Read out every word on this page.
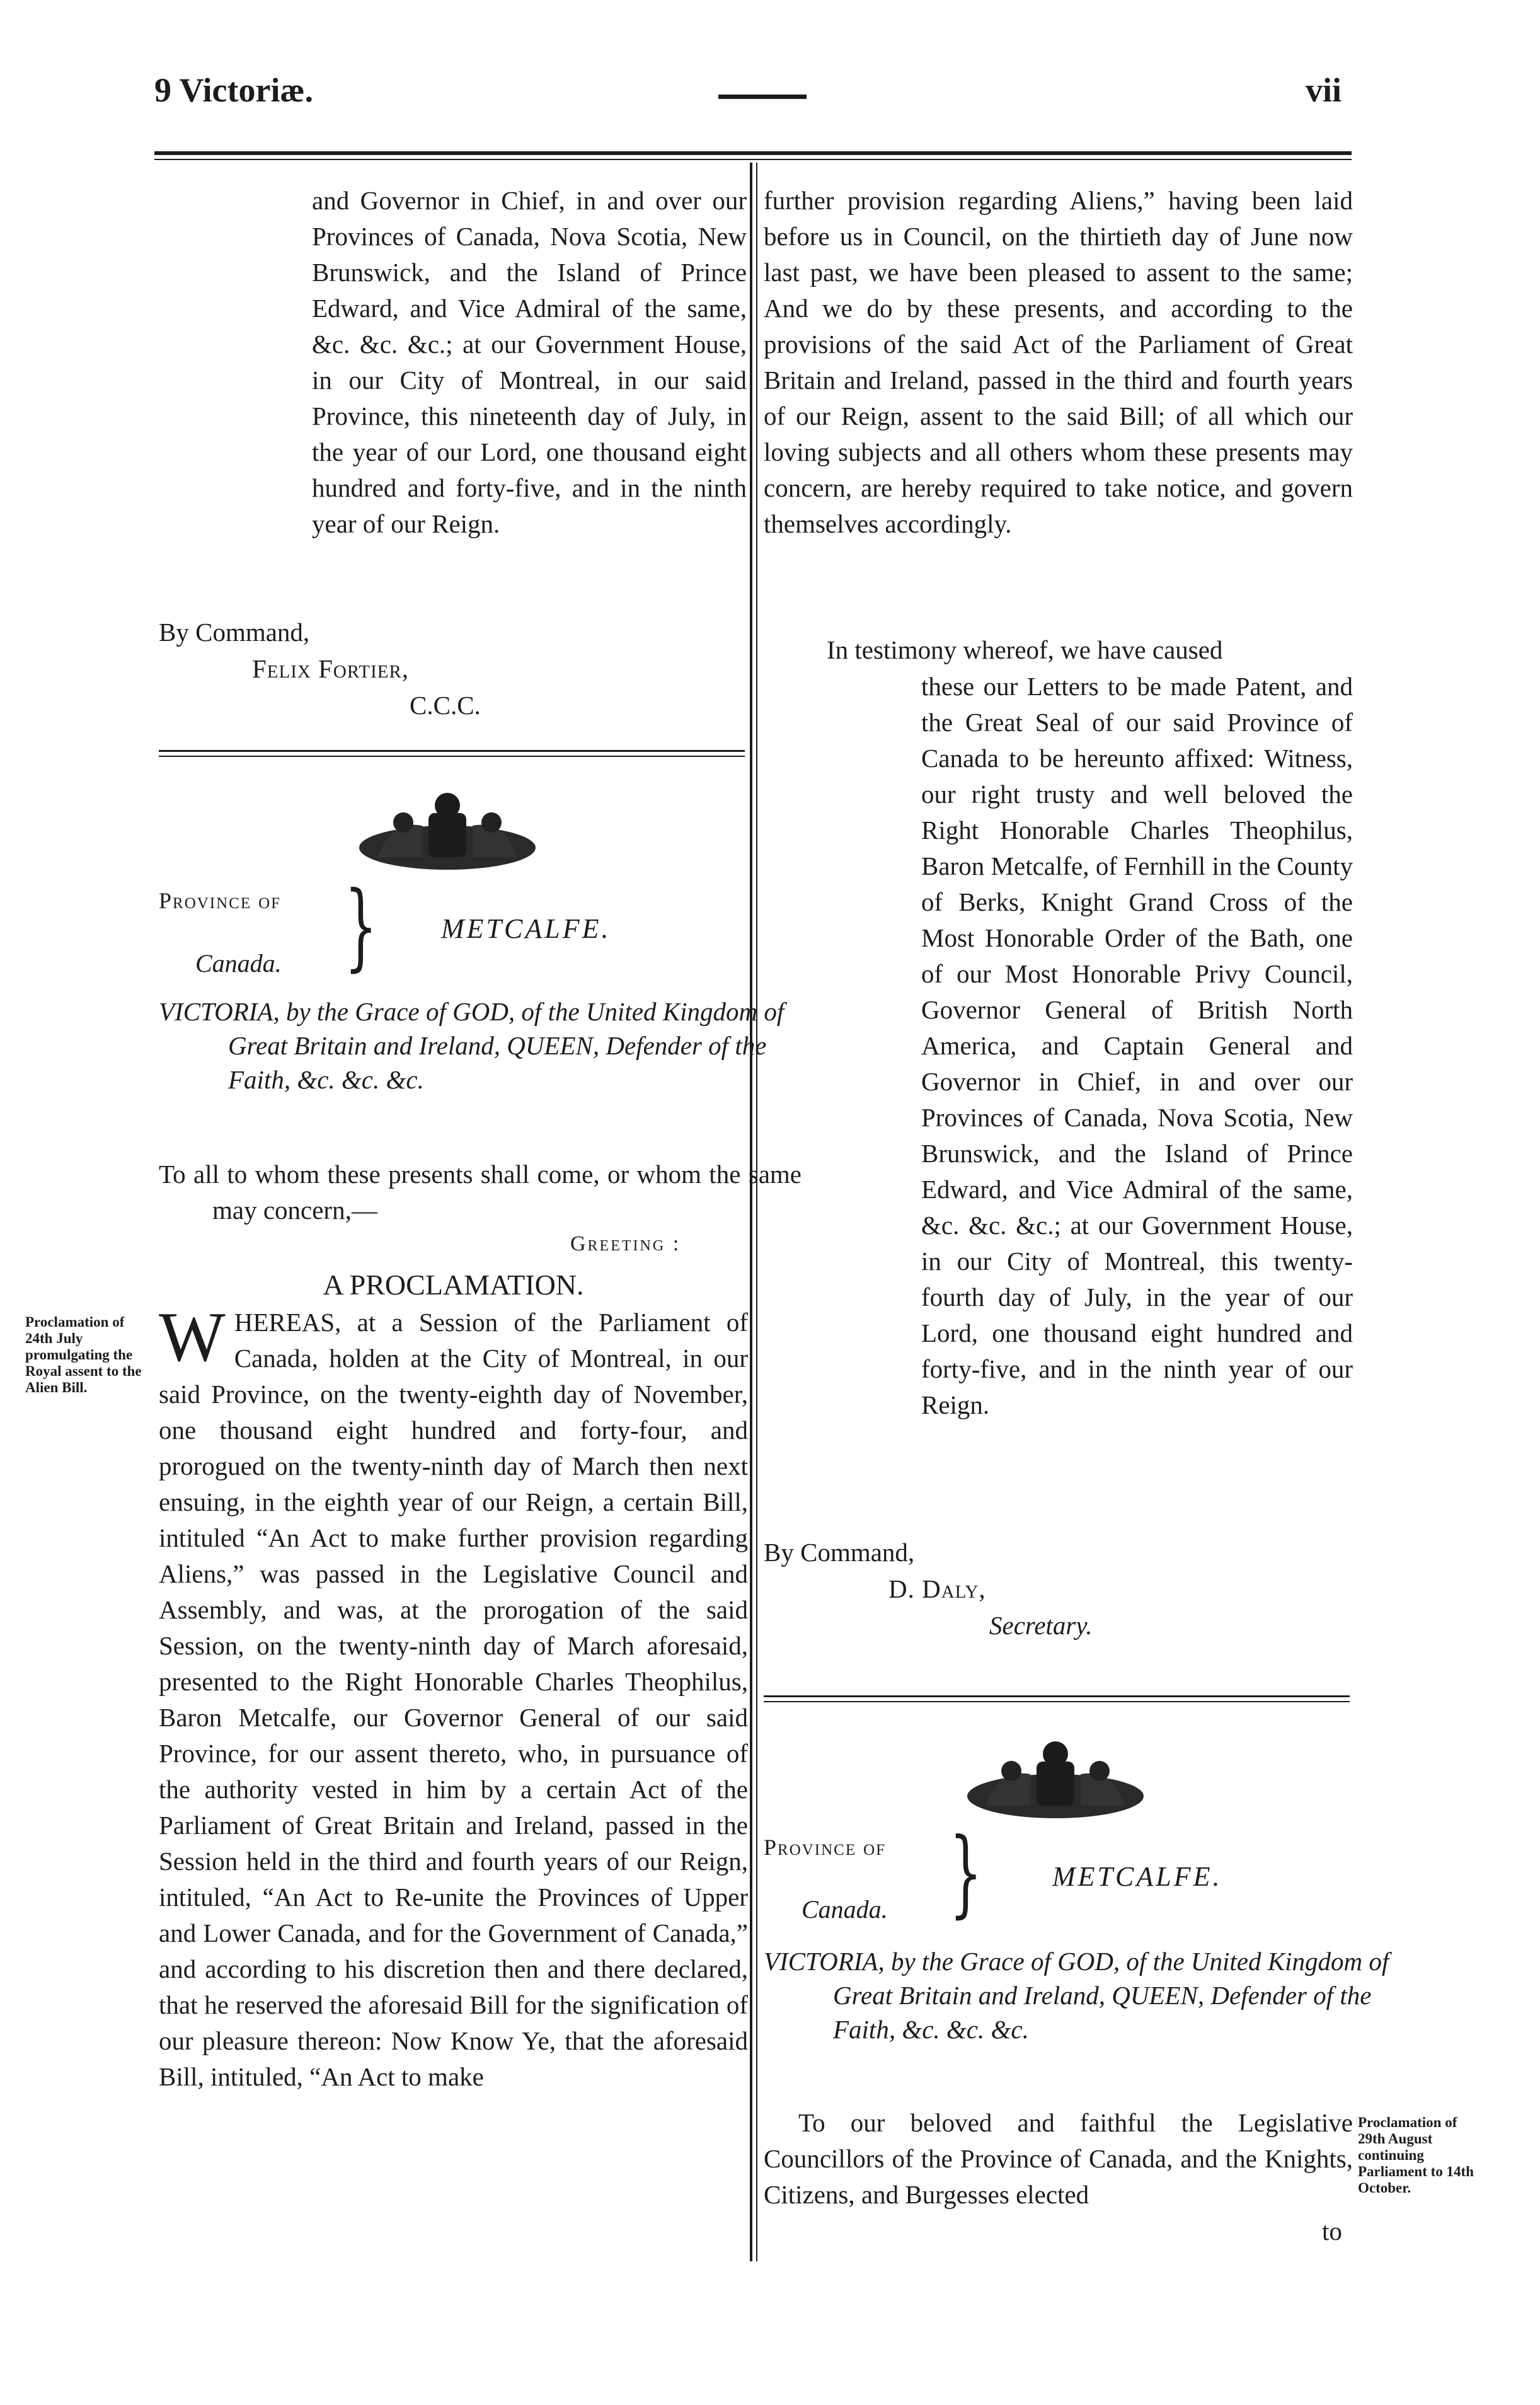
9 Victoriæ.	vii

and Governor in Chief, in and over our Provinces of Canada, Nova Scotia, New Brunswick, and the Island of Prince Edward, and Vice Admiral of the same, &c. &c. &c.; at our Government House, in our City of Montreal, in our said Province, this nineteenth day of July, in the year of our Lord, one thousand eight hundred and forty-five, and in the ninth year of our Reign.

By Command,

Felix Fortier,

C.C.C.

Province of
Canada. } METCALFE.
VICTORIA, by the Grace of GOD, of the United Kingdom of Great Britain and Ireland, QUEEN, Defender of the Faith, &c. &c. &c.

To all to whom these presents shall come, or whom the same may concern,—

Greeting :
A PROCLAMATION.
W HEREAS, at a Session of the Parliament of Canada, holden at the City of Montreal, in our said Province, on the twenty-eighth day of November, one thousand eight hundred and forty-four, and prorogued on the twenty-ninth day of March then next ensuing, in the eighth year of our Reign, a certain Bill, intituled “An Act to make further provision regarding Aliens,” was passed in the Legislative Council and Assembly, and was, at the prorogation of the said Session, on the twenty-ninth day of March aforesaid, presented to the Right Honorable Charles Theophilus, Baron Metcalfe, our Governor General of our said Province, for our assent thereto, who, in pursuance of the authority vested in him by a certain Act of the Parliament of Great Britain and Ireland, passed in the Session held in the third and fourth years of our Reign, intituled, “An Act to Re-unite the Provinces of Upper and Lower Canada, and for the Government of Canada,” and according to his discretion then and there declared, that he reserved the aforesaid Bill for the signification of our pleasure thereon: Now Know Ye, that the aforesaid Bill, intituled, “An Act to make
Proclamation of 24th July promulgating the Royal assent to the Alien Bill.

further provision regarding Aliens,” having been laid before us in Council, on the thirtieth day of June now last past, we have been pleased to assent to the same; And we do by these presents, and according to the provisions of the said Act of the Parliament of Great Britain and Ireland, passed in the third and fourth years of our Reign, assent to the said Bill; of all which our loving subjects and all others whom these presents may concern, are hereby required to take notice, and govern themselves accordingly.

In testimony whereof, we have caused

these our Letters to be made Patent, and the Great Seal of our said Province of Canada to be hereunto affixed: Witness, our right trusty and well beloved the Right Honorable Charles Theophilus, Baron Metcalfe, of Fernhill in the County of Berks, Knight Grand Cross of the Most Honorable Order of the Bath, one of our Most Honorable Privy Council, Governor General of British North America, and Captain General and Governor in Chief, in and over our Provinces of Canada, Nova Scotia, New Brunswick, and the Island of Prince Edward, and Vice Admiral of the same, &c. &c. &c.; at our Government House, in our City of Montreal, this twenty-fourth day of July, in the year of our Lord, one thousand eight hundred and forty-five, and in the ninth year of our Reign.

By Command,

D. Daly,

Secretary.

Province of
Canada. }	METCALFE.
VICTORIA, by the Grace of GOD, of the United Kingdom of Great Britain and Ireland, QUEEN, Defender of the Faith, &c. &c. &c.

To our beloved and faithful the Legislative Councillors of the Province of Canada, and the Knights, Citizens, and Burgesses elected

to

Proclamation of 29th August continuing Parliament to 14th October.
